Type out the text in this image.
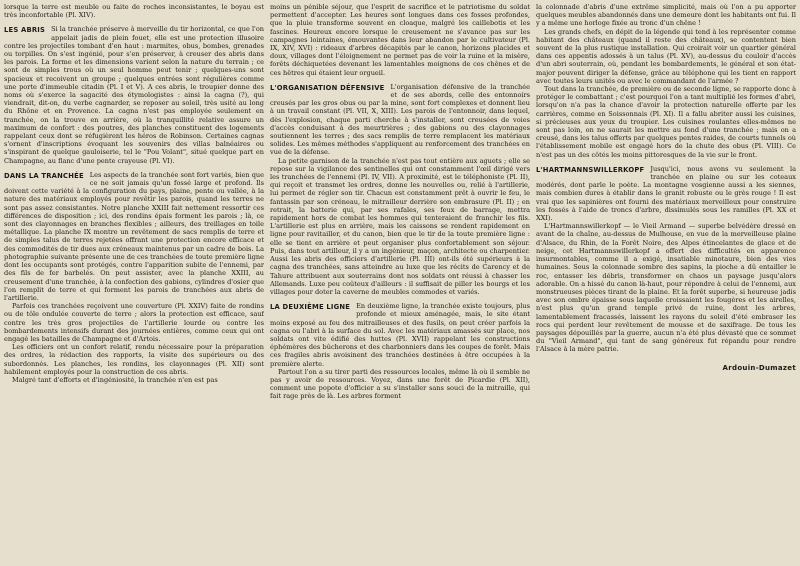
lorsque la terre est meuble ou faite de roches inconsistantes, le boyau est très inconfortable (Pl. XIV).

LES ABRIS Si la tranchée préserve à merveille du tir horizontal, ce que l'on appelait jadis de plein fouet, elle est une protection illusoire contre les projectiles tombant d'en haut : marmites, obus, bombes, grenades ou torpilles. On s'est ingénié, pour s'en préserver, à creuser des abris dans les parois. La forme et les dimensions varient selon la nature du terrain ; ce sont de simples trous où un seul homme peut tenir ; quelques-uns sont spacieux et recoivent un groupe ; quelques entrées sont régulières comme une porte d'immeuble citadin (Pl. I et V). A ces abris, le troupier donne des noms où s'exerce la sagacité des étymologistes : ainsi la cagna (?), qui viendrait, dit-on, du verbe cagnarder, se reposer au soleil, très usité au long du Rhône et en Provence. La cagna n'est pas employée seulement en tranchée, on la trouve en arrière, où la tranquillité relative assure un maximum de confort : des poutres, des planches constituent des logements rappelant ceux dont se réfugièrent les héros de Robinson. Certaines cagnas s'ornent d'inscriptions évoquant les souvenirs des villas balnéaires ou s'inspirant de quelque gauloiserie, tel le "Pou Volant", situé quelque part en Champagne, au flanc d'une pente crayeuse (Pl. VI).

DANS LA TRANCHÉE Les aspects de la tranchée sont fort variés, bien que ce ne soit jamais qu'un fossé large et profond. Ils doivent cette variété à la configuration du pays, plaine, pente ou vallée, à la nature des matériaux employés pour revêtir les parois, quand les terres ne sont pas assez consistantes. Notre planche XXIII fait nettement ressortir ces différences de disposition ; ici, des rondins épais forment les parois ; là, ce sont des clayonnages en branches flexibles ; ailleurs, des treillages en toile métallique. La planche IX montre un revêtement de sacs remplis de terre et de simples talus de terres rejetées offrant une protection encore efficace et des commodités de tir dues aux créneaux maintenus par un cadre de bois. La photographie suivante présente une de ces tranchées de toute première ligne dont les occupants sont protégés, contre l'apparition subite de l'ennemi, par des fils de fer barbelés. On peut assister, avec la planche XXIII, au creusement d'une tranchée, à la confection des gabions, cylindres d'osier que l'on remplit de terre et qui forment les parois de tranchées aux abris de l'artillerie.

Parfois ces tranchées reçoivent une couverture (Pl. XXIV) faite de rondins ou de tôle ondulée couverte de terre ; alors la protection est efficace, sauf contre les très gros projectiles de l'artillerie lourde ou contre les bombardements intensifs durant des journées entières, comme ceux qui ont engagé les batailles de Champagne et d'Artois.

Les officiers ont un confort relatif, rendu nécessaire pour la préparation des ordres, la rédaction des rapports, la visite des supérieurs ou des subordonnés. Les planches, les rondins, les clayonnages (Pl. XII) sont habilement employés pour la construction de ces abris.

Malgré tant d'efforts et d'ingéniosité, la tranchée n'en est pas

moins un pénible séjour, que l'esprit de sacrifice et le patriotisme du soldat permettent d'accepter. Les heures sont longues dans ces fosses profondes, que la pluie transforme souvent en cloaque, malgré les caillebotis et les fascines. Heureux encore lorsque le creusement ne s'avance pas sur les campagnes lointaines, émouvantes dans leur abandon par le cultivateur (Pl. IX, XIV, XVI) : rideaux d'arbres décapités par le canon, horizons placides et doux, villages dont l'éloignement ne permet pas de voir la ruine et la misère, forêts déchiquetées devenant les lamentables moignons de ces chênes et de ces hêtres qui étaient leur orgueil.

L'ORGANISATION DÉFENSIVE L'organisation défensive de la tranchée et de ses abords, celle des entonnoirs creusés par les gros obus ou par la mine, sont fort complexes et donnent lieu à un travail constant (Pl. VII, X, XIII). Les parois de l'entonnoir, dans lequel, dès l'explosion, chaque parti cherche à s'installer, sont creusées de voies d'accès conduisant à des meurtrières ; des gabions ou des clayonnages soutiennent les terres ; des sacs remplis de terre remplacent les matériaux solides. Les mêmes méthodes s'appliquent au renforcement des tranchées en vue de la défense.

La petite garnison de la tranchée n'est pas tout entière aux aguets ; elle se repose sur la vigilance des sentinelles qui ont constamment l'œil dirigé vers les tranchées de l'ennemi (Pl. IV, VII). A proximité, est le téléphoniste (Pl. II), qui reçoit et transmet les ordres, donne les nouvelles ou, relié à l'artillerie, lui permet de régler son tir. Chacun est constamment prêt à ouvrir le feu, le fantassin par son créneau, le mitrailleur derrière son embrasure (Pl. II) ; en retrait, la batterie qui, par ses rafales, ses feux de barrage, mettra rapidement hors de combat les hommes qui tenteraient de franchir les fils. L'artillerie est plus en arrière, mais les caissons se rendent rapidement en ligne pour ravitailler, et du canon, bien que le tir de la toute première ligne : elle se tient en arrière et peut organiser plus confortablement son séjour. Puis, dans tout artilleur, il y a un ingénieur, maçon, architecte ou charpentier. Aussi les abris des officiers d'artillerie (Pl. III) ont-ils été supérieurs à la cagna des tranchées, sans atteindre au luxe que les récits de Carency et de Tahure attribuent aux souterrains dont nos soldats ont réussi à chasser les Allemands. Luxe peu coûteux d'ailleurs : il suffisait de piller les bourgs et les villages pour doter la caverne de meubles commodes et variés.

LA DEUXIÈME LIGNE En deuxième ligne, la tranchée existe toujours, plus profonde et mieux aménagée, mais, le site étant moins exposé au feu des mitrailleuses et des fusils, on peut créer parfois la cagna ou l'abri à la surface du sol. Avec les matériaux amassés sur place, nos soldats ont vite édifié des huttes (Pl. XVII) rappelant les constructions éphémères des bûcherons et des charbonniers dans les coupes de forêt. Mais ces fragiles abris avoisinent des tranchées destinées à être occupées à la première alerte.

Partout l'on a su tirer parti des ressources locales, même là où il semble ne pas y avoir de ressources. Voyez, dans une forêt de Picardie (Pl. XII), comment une popote d'officier a su s'installer sans souci de la mitraille, qui fait rage près de là. Les arbres forment

la colonnade d'abris d'une extrême simplicité, mais où l'on a pu apporter quelques meubles abandonnés dans une demeure dont les habitants ont fui. Il y a même une horloge fixée au tronc d'un chêne !

Les grands chefs, en dépit de la légende qui tend à les représenter comme habitant des châteaux (quand il reste des châteaux), se contentent bien souvent de la plus rustique installation. Qui croirait voir un quartier général dans ces appentis adossés à un talus (Pl. XV), au-dessus du couloir d'accès d'un abri souterrain, où, pendant les bombardements, le général et son état-major peuvent diriger la défense, grâce au téléphone qui les tient en rapport avec toutes leurs unités ou avec le commandant de l'armée ?

Tout dans la tranchée, de première ou de seconde ligne, se rapporte donc à protéger le combattant ; c'est pourquoi l'on a tant multiplié les formes d'abri, lorsqu'on n'a pas la chance d'avoir la protection naturelle offerte par les carrières, comme en Soissonnais (Pl. XI). Il a fallu abriter aussi les cuisines, si précieuses aux yeux du troupier. Les cuisines roulantes elles-mêmes ne sont pas loin, on ne saurait les mettre au fond d'une tranchée ; mais on a creusé, dans les talus offerts par quelques pentes raides, de courts tunnels où l'établissement mobile est engagé hors de la chute des obus (Pl. VIII). Ce n'est pas un des côtés les moins pittoresques de la vie sur le front.

L'HARTMANNSWILLERKOPF Jusqu'ici, nous avons vu seulement la tranchée en plaine ou sur les coteaux modérés, dont parle le poète. La montagne vosgienne aussi a les siennes, mais combien dures à établir dans le granit robuste ou le grès rouge ! Il est vrai que les sapinières ont fourni des matériaux merveilleux pour construire les fossés à l'aide de troncs d'arbre, dissimulés sous les ramilles (Pl. XX et XXI).

L'Hartmannswillerkopf — le Vieil Armand — superbe belvédère dressé en avant de la chaîne, au-dessus de Mulhouse, en vue de la merveilleuse plaine d'Alsace, du Rhin, de la Forêt Noire, des Alpes étincelantes de glace et de neige, cet Hartmannswillerkopf a offert des difficultés en apparence insurmontables, comme il a exigé, insatiable minotaure, bien des vies humaines. Sous la colonnade sombre des sapins, la pioche a dû entailler le roc, entasser les débris, transformer en chaos un paysage jusqu'alors adorable. On a hissé du canon là-haut, pour répondre à celui de l'ennemi, aux monstrueuses pièces tirant de la plaine. Et la forêt superbe, si heureuse jadis avec son ombre épaisse sous laquelle croissaient les fougères et les airelles, n'est plus qu'un grand temple privé de ruine, dont les arbres, lamentablement fracassés, laissent les rayons du soleil d'été embraser les rocs qui perdent leur revêtement de mousse et de saxifrage. De tous les paysages dépouillés par la guerre, aucun n'a été plus dévasté que ce sommet du "Vieil Armand", qui tant de sang généreux fut répandu pour rendre l'Alsace à la mère patrie.

Ardouin-Dumazet
